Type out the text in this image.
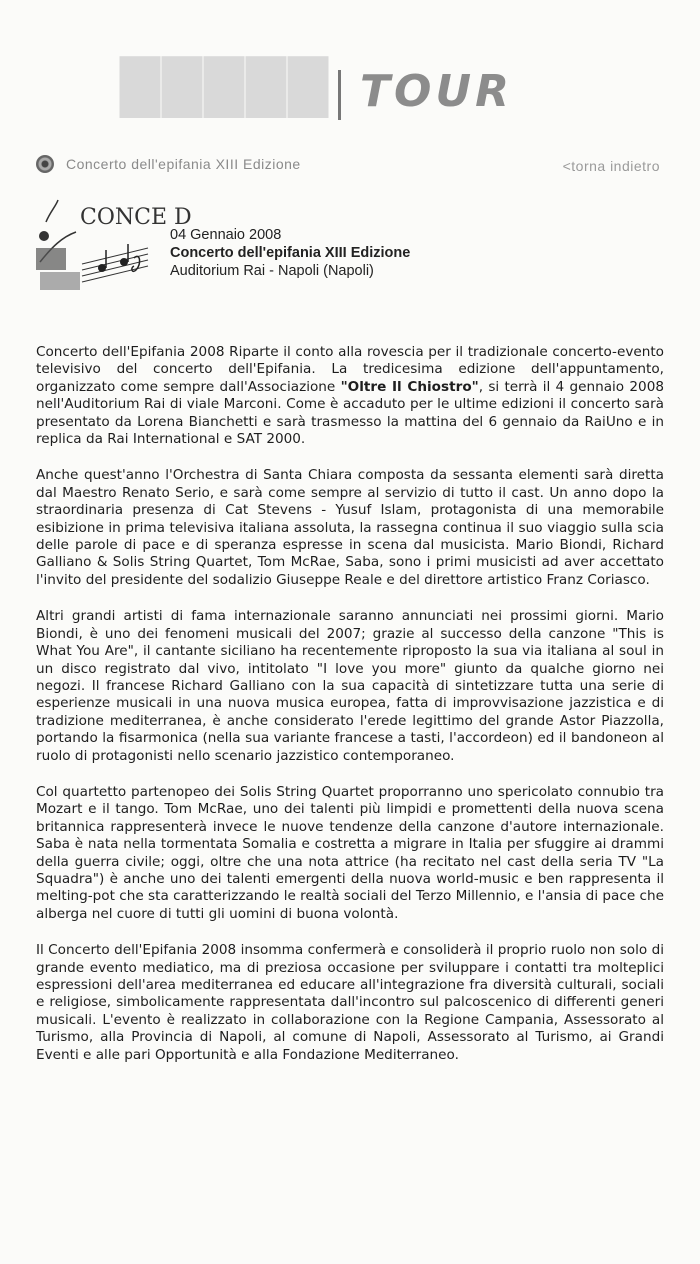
█████ TOUR
Concerto dell'epifania XIII Edizione	<torna indietro
CONCE D
04 Gennaio 2008
Concerto dell'epifania XIII Edizione
Auditorium Rai - Napoli (Napoli)

Concerto dell'Epifania 2008 Riparte il conto alla rovescia per il tradizionale concerto-evento televisivo del concerto dell'Epifania. La tredicesima edizione dell'appuntamento, organizzato come sempre dall'Associazione "Oltre Il Chiostro", si terrà il 4 gennaio 2008 nell'Auditorium Rai di viale Marconi. Come è accaduto per le ultime edizioni il concerto sarà presentato da Lorena Bianchetti e sarà trasmesso la mattina del 6 gennaio da RaiUno e in replica da Rai International e SAT 2000.

Anche quest'anno l'Orchestra di Santa Chiara composta da sessanta elementi sarà diretta dal Maestro Renato Serio, e sarà come sempre al servizio di tutto il cast. Un anno dopo la straordinaria presenza di Cat Stevens - Yusuf Islam, protagonista di una memorabile esibizione in prima televisiva italiana assoluta, la rassegna continua il suo viaggio sulla scia delle parole di pace e di speranza espresse in scena dal musicista. Mario Biondi, Richard Galliano & Solis String Quartet, Tom McRae, Saba, sono i primi musicisti ad aver accettato l'invito del presidente del sodalizio Giuseppe Reale e del direttore artistico Franz Coriasco.

Altri grandi artisti di fama internazionale saranno annunciati nei prossimi giorni. Mario Biondi, è uno dei fenomeni musicali del 2007; grazie al successo della canzone "This is What You Are", il cantante siciliano ha recentemente riproposto la sua via italiana al soul in un disco registrato dal vivo, intitolato "I love you more" giunto da qualche giorno nei negozi. Il francese Richard Galliano con la sua capacità di sintetizzare tutta una serie di esperienze musicali in una nuova musica europea, fatta di improvvisazione jazzistica e di tradizione mediterranea, è anche considerato l'erede legittimo del grande Astor Piazzolla, portando la fisarmonica (nella sua variante francese a tasti, l'accordeon) ed il bandoneon al ruolo di protagonisti nello scenario jazzistico contemporaneo.

Col quartetto partenopeo dei Solis String Quartet proporranno uno spericolato connubio tra Mozart e il tango. Tom McRae, uno dei talenti più limpidi e promettenti della nuova scena britannica rappresenterà invece le nuove tendenze della canzone d'autore internazionale. Saba è nata nella tormentata Somalia e costretta a migrare in Italia per sfuggire ai drammi della guerra civile; oggi, oltre che una nota attrice (ha recitato nel cast della seria TV "La Squadra") è anche uno dei talenti emergenti della nuova world-music e ben rappresenta il melting-pot che sta caratterizzando le realtà sociali del Terzo Millennio, e l'ansia di pace che alberga nel cuore di tutti gli uomini di buona volontà.

Il Concerto dell'Epifania 2008 insomma confermerà e consoliderà il proprio ruolo non solo di grande evento mediatico, ma di preziosa occasione per sviluppare i contatti tra molteplici espressioni dell'area mediterranea ed educare all'integrazione fra diversità culturali, sociali e religiose, simbolicamente rappresentata dall'incontro sul palcoscenico di differenti generi musicali. L'evento è realizzato in collaborazione con la Regione Campania, Assessorato al Turismo, alla Provincia di Napoli, al comune di Napoli, Assessorato al Turismo, ai Grandi Eventi e alle pari Opportunità e alla Fondazione Mediterraneo.
